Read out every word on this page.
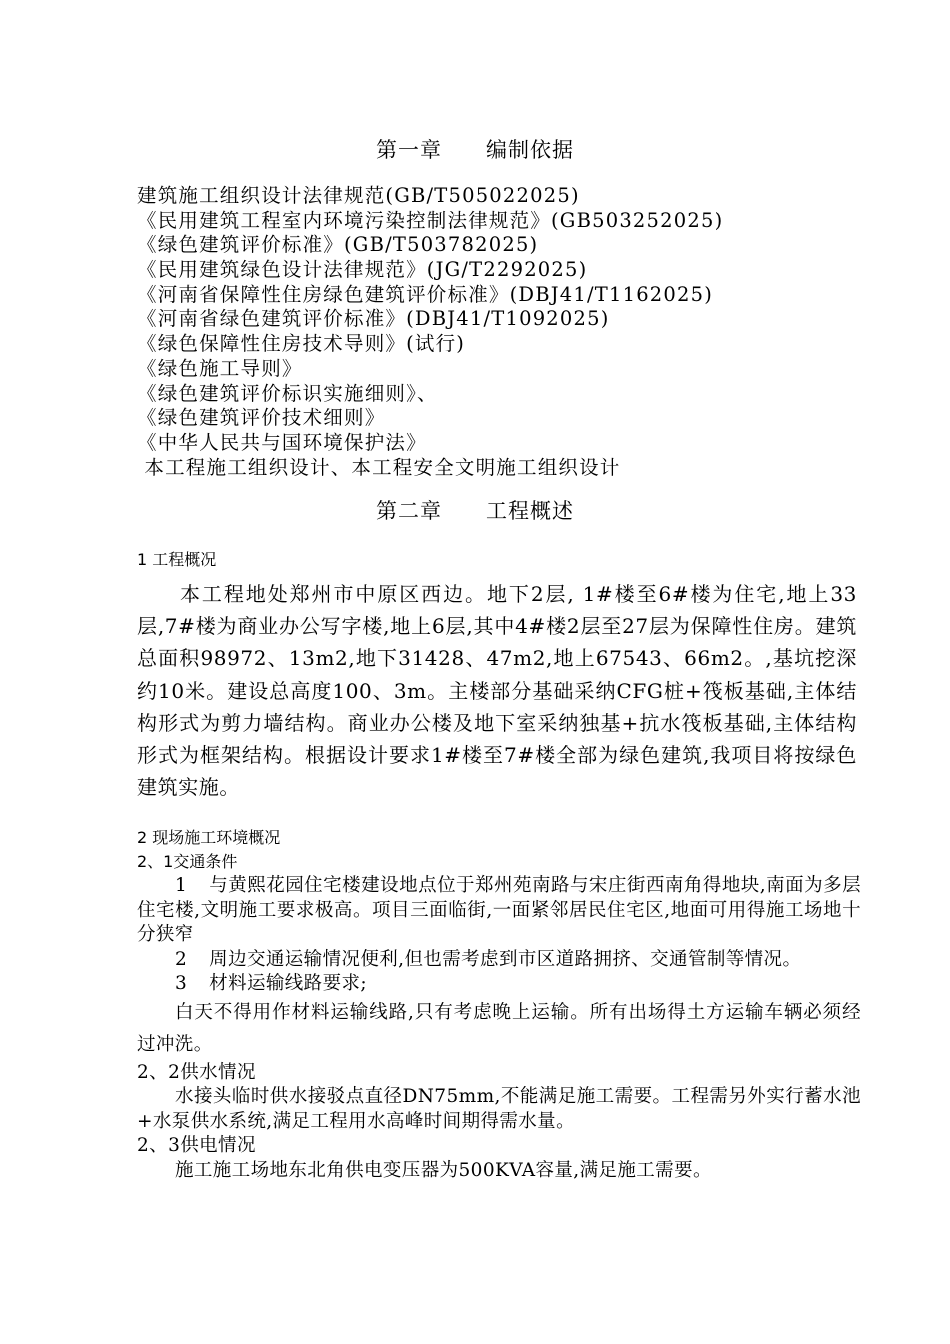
第一章 编制依据
建筑施工组织设计法律规范(GB/T505022025)
《民用建筑工程室内环境污染控制法律规范》(GB503252025)
《绿色建筑评价标准》(GB/T503782025)
《民用建筑绿色设计法律规范》(JG/T2292025)
《河南省保障性住房绿色建筑评价标准》(DBJ41/T1162025)
《河南省绿色建筑评价标准》(DBJ41/T1092025)
《绿色保障性住房技术导则》(试行)
《绿色施工导则》
《绿色建筑评价标识实施细则》、
《绿色建筑评价技术细则》
《中华人民共与国环境保护法》
本工程施工组织设计、本工程安全文明施工组织设计
第二章 工程概述
1 工程概况
本工程地处郑州市中原区西边。地下2层, 1#楼至6#楼为住宅,地上33层,7#楼为商业办公写字楼,地上6层,其中4#楼2层至27层为保障性住房。建筑总面积98972、13m2,地下31428、47m2,地上67543、66m2。,基坑挖深约10米。建设总高度100、3m。主楼部分基础采纳CFG桩+筏板基础,主体结构形式为剪力墙结构。商业办公楼及地下室采纳独基+抗水筏板基础,主体结构形式为框架结构。根据设计要求1#楼至7#楼全部为绿色建筑,我项目将按绿色建筑实施。
2 现场施工环境概况
2、1交通条件
1 与黄熙花园住宅楼建设地点位于郑州苑南路与宋庄街西南角得地块,南面为多层住宅楼,文明施工要求极高。项目三面临街,一面紧邻居民住宅区,地面可用得施工场地十分狭窄
2 周边交通运输情况便利,但也需考虑到市区道路拥挤、交通管制等情况。
3 材料运输线路要求;
白天不得用作材料运输线路,只有考虑晚上运输。所有出场得土方运输车辆必须经过冲洗。
2、2供水情况
水接头临时供水接驳点直径DN75mm,不能满足施工需要。工程需另外实行蓄水池+水泵供水系统,满足工程用水高峰时间期得需水量。
2、3供电情况
施工施工场地东北角供电变压器为500KVA容量,满足施工需要。
